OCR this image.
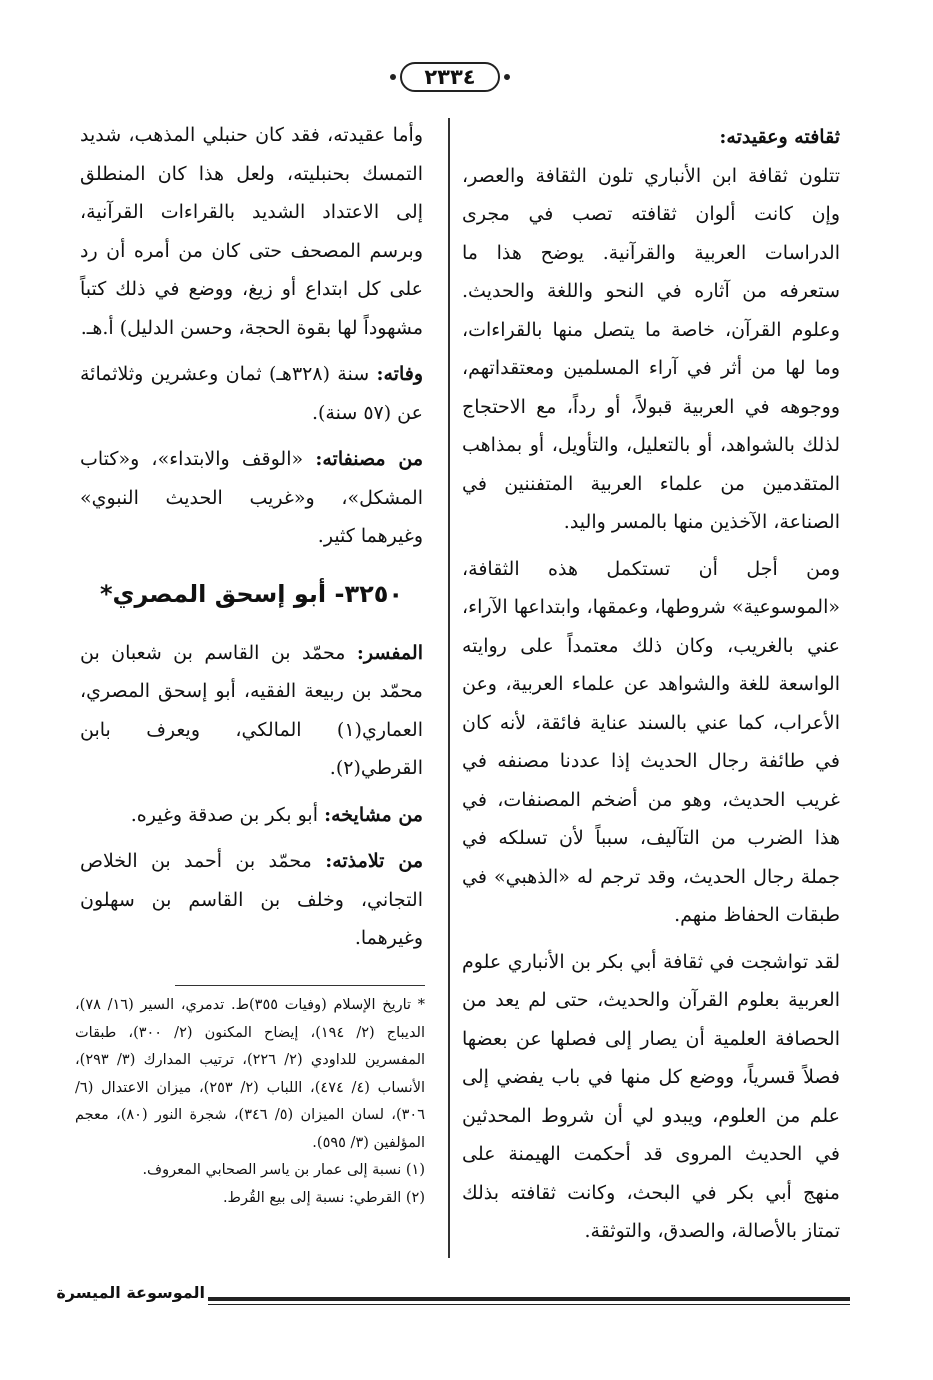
٢٣٣٤

ثقافته وعقيدته:

تتلون ثقافة ابن الأنباري تلون الثقافة والعصر، وإن كانت ألوان ثقافته تصب في مجرى الدراسات العربية والقرآنية. يوضح هذا ما ستعرفه من آثاره في النحو واللغة والحديث. وعلوم القرآن، خاصة ما يتصل منها بالقراءات، وما لها من أثر في آراء المسلمين ومعتقداتهم، ووجوهه في العربية قبولاً، أو رداً، مع الاحتجاج لذلك بالشواهد، أو بالتعليل، والتأويل، أو بمذاهب المتقدمين من علماء العربية المتفننين في الصناعة، الآخذين منها بالمسر واليد.

ومن أجل أن تستكمل هذه الثقافة، «الموسوعية» شروطها، وعمقها، وابتداعها الآراء، عني بالغريب، وكان ذلك معتمداً على روايته الواسعة للغة والشواهد عن علماء العربية، وعن الأعراب، كما عني بالسند عناية فائقة، لأنه كان في طائفة رجال الحديث إذا عددنا مصنفه في غريب الحديث، وهو من أضخم المصنفات، في هذا الضرب من التآليف، سبباً لأن تسلكه في جملة رجال الحديث، وقد ترجم له «الذهبي» في طبقات الحفاظ منهم.

لقد تواشجت في ثقافة أبي بكر بن الأنباري علوم العربية بعلوم القرآن والحديث، حتى لم يعد من الحصافة العلمية أن يصار إلى فصلها عن بعضها فصلاً قسرياً، ووضع كل منها في باب يفضي إلى علم من العلوم، ويبدو لي أن شروط المحدثين في الحديث المروى قد أحكمت الهيمنة على منهج أبي بكر في البحث، وكانت ثقافته بذلك تمتاز بالأصالة، والصدق، والتوثقة.

وأما عقيدته، فقد كان حنبلي المذهب، شديد التمسك بحنبليته، ولعل هذا كان المنطلق إلى الاعتداد الشديد بالقراءات القرآنية، وبرسم المصحف حتى كان من أمره أن رد على كل ابتداع أو زيغ، ووضع في ذلك كتباً مشهوداً لها بقوة الحجة، وحسن الدليل) أ.هـ.

وفاته: سنة (٣٢٨هـ) ثمان وعشرين وثلاثمائة عن (٥٧ سنة).

من مصنفاته: «الوقف والابتداء»، و«كتاب المشكل»، و«غريب الحديث النبوي» وغيرهما كثير.

٣٢٥٠- أبو إسحق المصري*

المفسر: محمّد بن القاسم بن شعبان بن محمّد بن ربيعة الفقيه، أبو إسحق المصري، العماري(١) المالكي، ويعرف بابن القرطي(٢).

من مشايخه: أبو بكر بن صدقة وغيره.

من تلامذته: محمّد بن أحمد بن الخلاص التجاني، وخلف بن القاسم بن سهلون وغيرهما.

* تاريخ الإسلام (وفيات ٣٥٥)ط. تدمري، السير (١٦/ ٧٨)، الديباج (٢/ ١٩٤)، إيضاح المكنون (٢/ ٣٠٠)، طبقات المفسرين للداودي (٢/ ٢٢٦)، ترتيب المدارك (٣/ ٢٩٣)، الأنساب (٤/ ٤٧٤)، اللباب (٢/ ٢٥٣)، ميزان الاعتدال (٦/ ٣٠٦)، لسان الميزان (٥/ ٣٤٦)، شجرة النور (٨٠)، معجم المؤلفين (٣/ ٥٩٥).

(١) نسبة إلى عمار بن ياسر الصحابي المعروف.

(٢) القرطي: نسبة إلى بيع القُرط.

الموسوعة الميسرة
